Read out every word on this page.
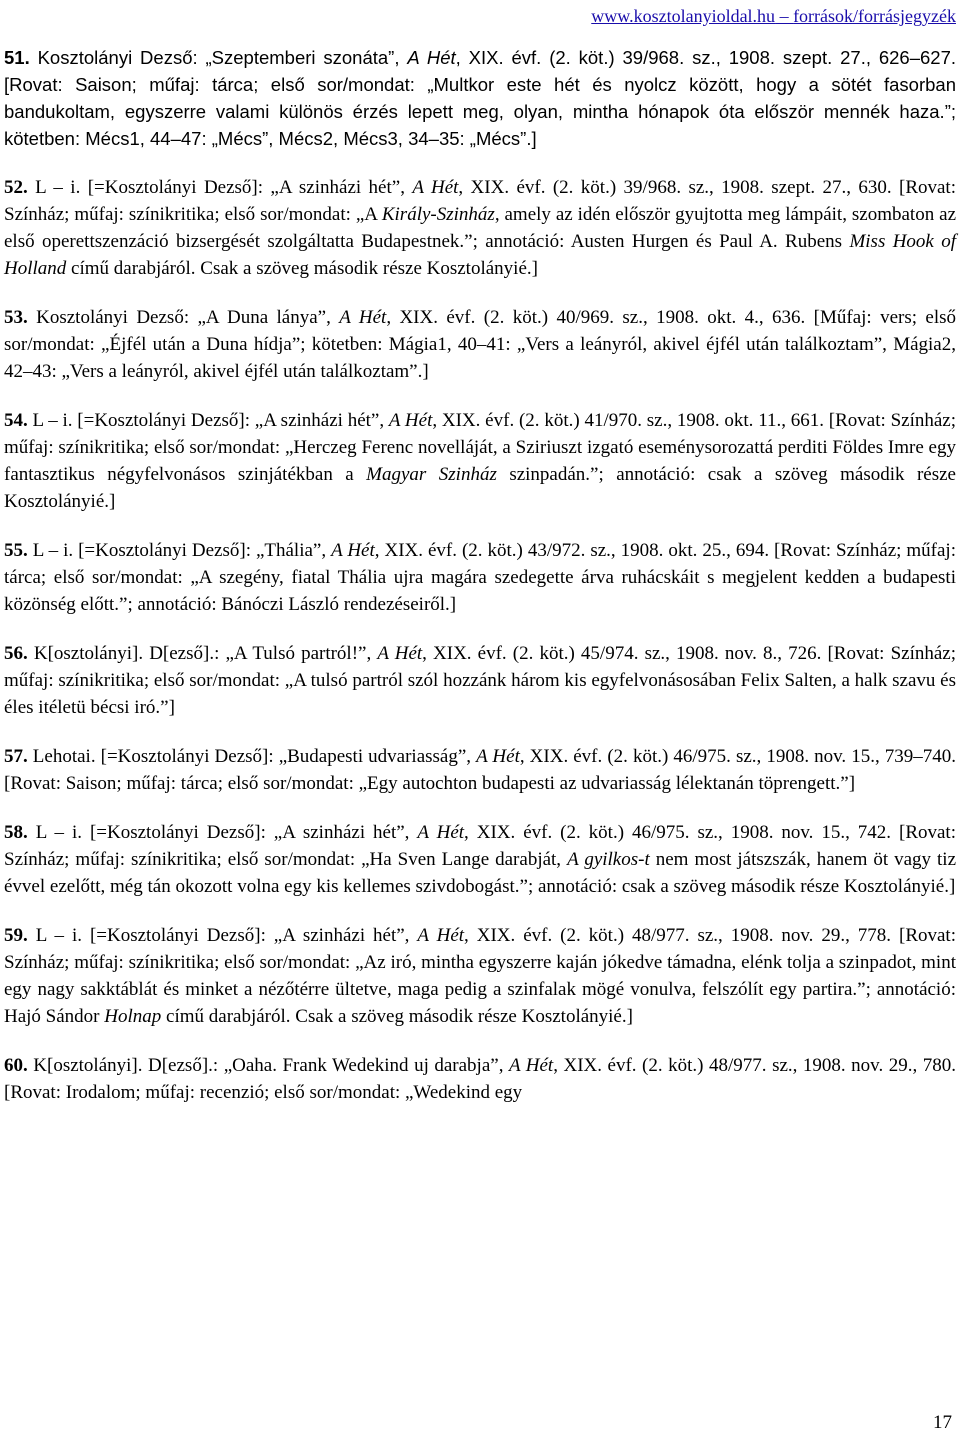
www.kosztolanyioldal.hu – források/forrásjegyzék

51. Kosztolányi Dezső: „Szeptemberi szonáta”, A Hét, XIX. évf. (2. köt.) 39/968. sz., 1908. szept. 27., 626–627. [Rovat: Saison; műfaj: tárca; első sor/mondat: „Multkor este hét és nyolcz között, hogy a sötét fasorban bandukoltam, egyszerre valami különös érzés lepett meg, olyan, mintha hónapok óta először mennék haza.”; kötetben: Mécs1, 44–47: „Mécs”, Mécs2, Mécs3, 34–35: „Mécs”.]

52. L – i. [=Kosztolányi Dezső]: „A szinházi hét”, A Hét, XIX. évf. (2. köt.) 39/968. sz., 1908. szept. 27., 630. [Rovat: Színház; műfaj: színikritika; első sor/mondat: „A Király-Szinház, amely az idén először gyujtotta meg lámpáit, szombaton az első operettszenzáció bizsergését szolgáltatta Budapestnek.”; annotáció: Austen Hurgen és Paul A. Rubens Miss Hook of Holland című darabjáról. Csak a szöveg második része Kosztolányié.]

53. Kosztolányi Dezső: „A Duna lánya”, A Hét, XIX. évf. (2. köt.) 40/969. sz., 1908. okt. 4., 636. [Műfaj: vers; első sor/mondat: „Éjfél után a Duna hídja”; kötetben: Mágia1, 40–41: „Vers a leányról, akivel éjfél után találkoztam”, Mágia2, 42–43: „Vers a leányról, akivel éjfél után találkoztam”.]

54. L – i. [=Kosztolányi Dezső]: „A szinházi hét”, A Hét, XIX. évf. (2. köt.) 41/970. sz., 1908. okt. 11., 661. [Rovat: Színház; műfaj: színikritika; első sor/mondat: „Herczeg Ferenc novelláját, a Sziriuszt izgató eseménysorozattá perditi Földes Imre egy fantasztikus négyfelvonásos szinjátékban a Magyar Szinház szinpadán.”; annotáció: csak a szöveg második része Kosztolányié.]

55. L – i. [=Kosztolányi Dezső]: „Thália”, A Hét, XIX. évf. (2. köt.) 43/972. sz., 1908. okt. 25., 694. [Rovat: Színház; műfaj: tárca; első sor/mondat: „A szegény, fiatal Thália ujra magára szedegette árva ruhácskáit s megjelent kedden a budapesti közönség előtt.”; annotáció: Bánóczi László rendezéseiről.]

56. K[osztolányi]. D[ezső].: „A Tulsó partról!”, A Hét, XIX. évf. (2. köt.) 45/974. sz., 1908. nov. 8., 726. [Rovat: Színház; műfaj: színikritika; első sor/mondat: „A tulsó partról szól hozzánk három kis egyfelvonásosában Felix Salten, a halk szavu és éles itéletü bécsi iró.”]

57. Lehotai. [=Kosztolányi Dezső]: „Budapesti udvariasság”, A Hét, XIX. évf. (2. köt.) 46/975. sz., 1908. nov. 15., 739–740. [Rovat: Saison; műfaj: tárca; első sor/mondat: „Egy autochton budapesti az udvariasság lélektanán töprengett.”]

58. L – i. [=Kosztolányi Dezső]: „A szinházi hét”, A Hét, XIX. évf. (2. köt.) 46/975. sz., 1908. nov. 15., 742. [Rovat: Színház; műfaj: színikritika; első sor/mondat: „Ha Sven Lange darabját, A gyilkos-t nem most játszszák, hanem öt vagy tiz évvel ezelőtt, még tán okozott volna egy kis kellemes szivdobogást.”; annotáció: csak a szöveg második része Kosztolányié.]

59. L – i. [=Kosztolányi Dezső]: „A szinházi hét”, A Hét, XIX. évf. (2. köt.) 48/977. sz., 1908. nov. 29., 778. [Rovat: Színház; műfaj: színikritika; első sor/mondat: „Az iró, mintha egyszerre kaján jókedve támadna, elénk tolja a szinpadot, mint egy nagy sakktáblát és minket a nézőtérre ültetve, maga pedig a szinfalak mögé vonulva, felszólít egy partira.”; annotáció: Hajó Sándor Holnap című darabjáról. Csak a szöveg második része Kosztolányié.]

60. K[osztolányi]. D[ezső].: „Oaha. Frank Wedekind uj darabja”, A Hét, XIX. évf. (2. köt.) 48/977. sz., 1908. nov. 29., 780. [Rovat: Irodalom; műfaj: recenzió; első sor/mondat: „Wedekind egy

17
